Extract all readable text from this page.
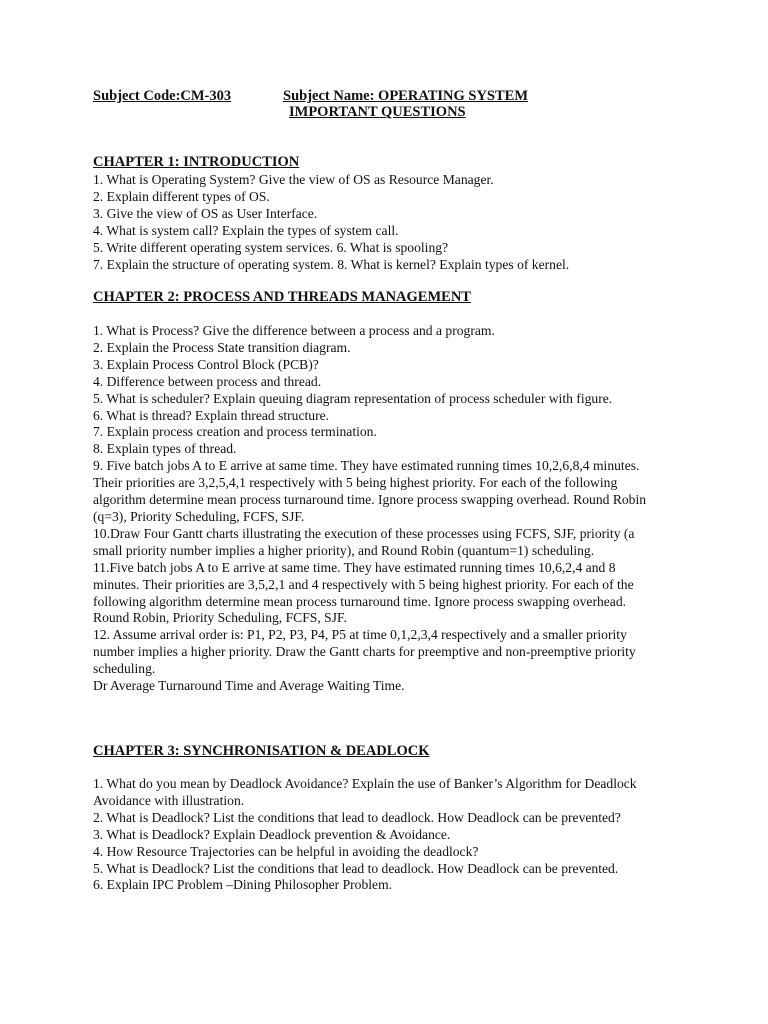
Subject Code:CM-303	Subject Name: OPERATING SYSTEM
IMPORTANT QUESTIONS
CHAPTER 1: INTRODUCTION
1. What is Operating System? Give the view of OS as Resource Manager.
2. Explain different types of OS.
3. Give the view of OS as User Interface.
4. What is system call? Explain the types of system call.
5. Write different operating system services. 6. What is spooling?
7. Explain the structure of operating system. 8. What is kernel? Explain types of kernel.
CHAPTER 2: PROCESS AND THREADS MANAGEMENT
1. What is Process? Give the difference between a process and a program.
2. Explain the Process State transition diagram.
3. Explain Process Control Block (PCB)?
4. Difference between process and thread.
5. What is scheduler? Explain queuing diagram representation of process scheduler with figure.
6. What is thread? Explain thread structure.
7. Explain process creation and process termination.
8. Explain types of thread.
9. Five batch jobs A to E arrive at same time. They have estimated running times 10,2,6,8,4 minutes. Their priorities are 3,2,5,4,1 respectively with 5 being highest priority. For each of the following algorithm determine mean process turnaround time. Ignore process swapping overhead. Round Robin (q=3), Priority Scheduling, FCFS, SJF.
10.Draw Four Gantt charts illustrating the execution of these processes using FCFS, SJF, priority (a small priority number implies a higher priority), and Round Robin (quantum=1) scheduling.
11.Five batch jobs A to E arrive at same time. They have estimated running times 10,6,2,4 and 8 minutes. Their priorities are 3,5,2,1 and 4 respectively with 5 being highest priority. For each of the following algorithm determine mean process turnaround time. Ignore process swapping overhead. Round Robin, Priority Scheduling, FCFS, SJF.
12. Assume arrival order is: P1, P2, P3, P4, P5 at time 0,1,2,3,4 respectively and a smaller priority number implies a higher priority. Draw the Gantt charts for preemptive and non-preemptive priority scheduling.
Dr Average Turnaround Time and Average Waiting Time.
CHAPTER 3: SYNCHRONISATION & DEADLOCK
1. What do you mean by Deadlock Avoidance? Explain the use of Banker’s Algorithm for Deadlock Avoidance with illustration.
2. What is Deadlock? List the conditions that lead to deadlock. How Deadlock can be prevented?
3. What is Deadlock? Explain Deadlock prevention & Avoidance.
4. How Resource Trajectories can be helpful in avoiding the deadlock?
5. What is Deadlock? List the conditions that lead to deadlock. How Deadlock can be prevented.
6. Explain IPC Problem –Dining Philosopher Problem.
